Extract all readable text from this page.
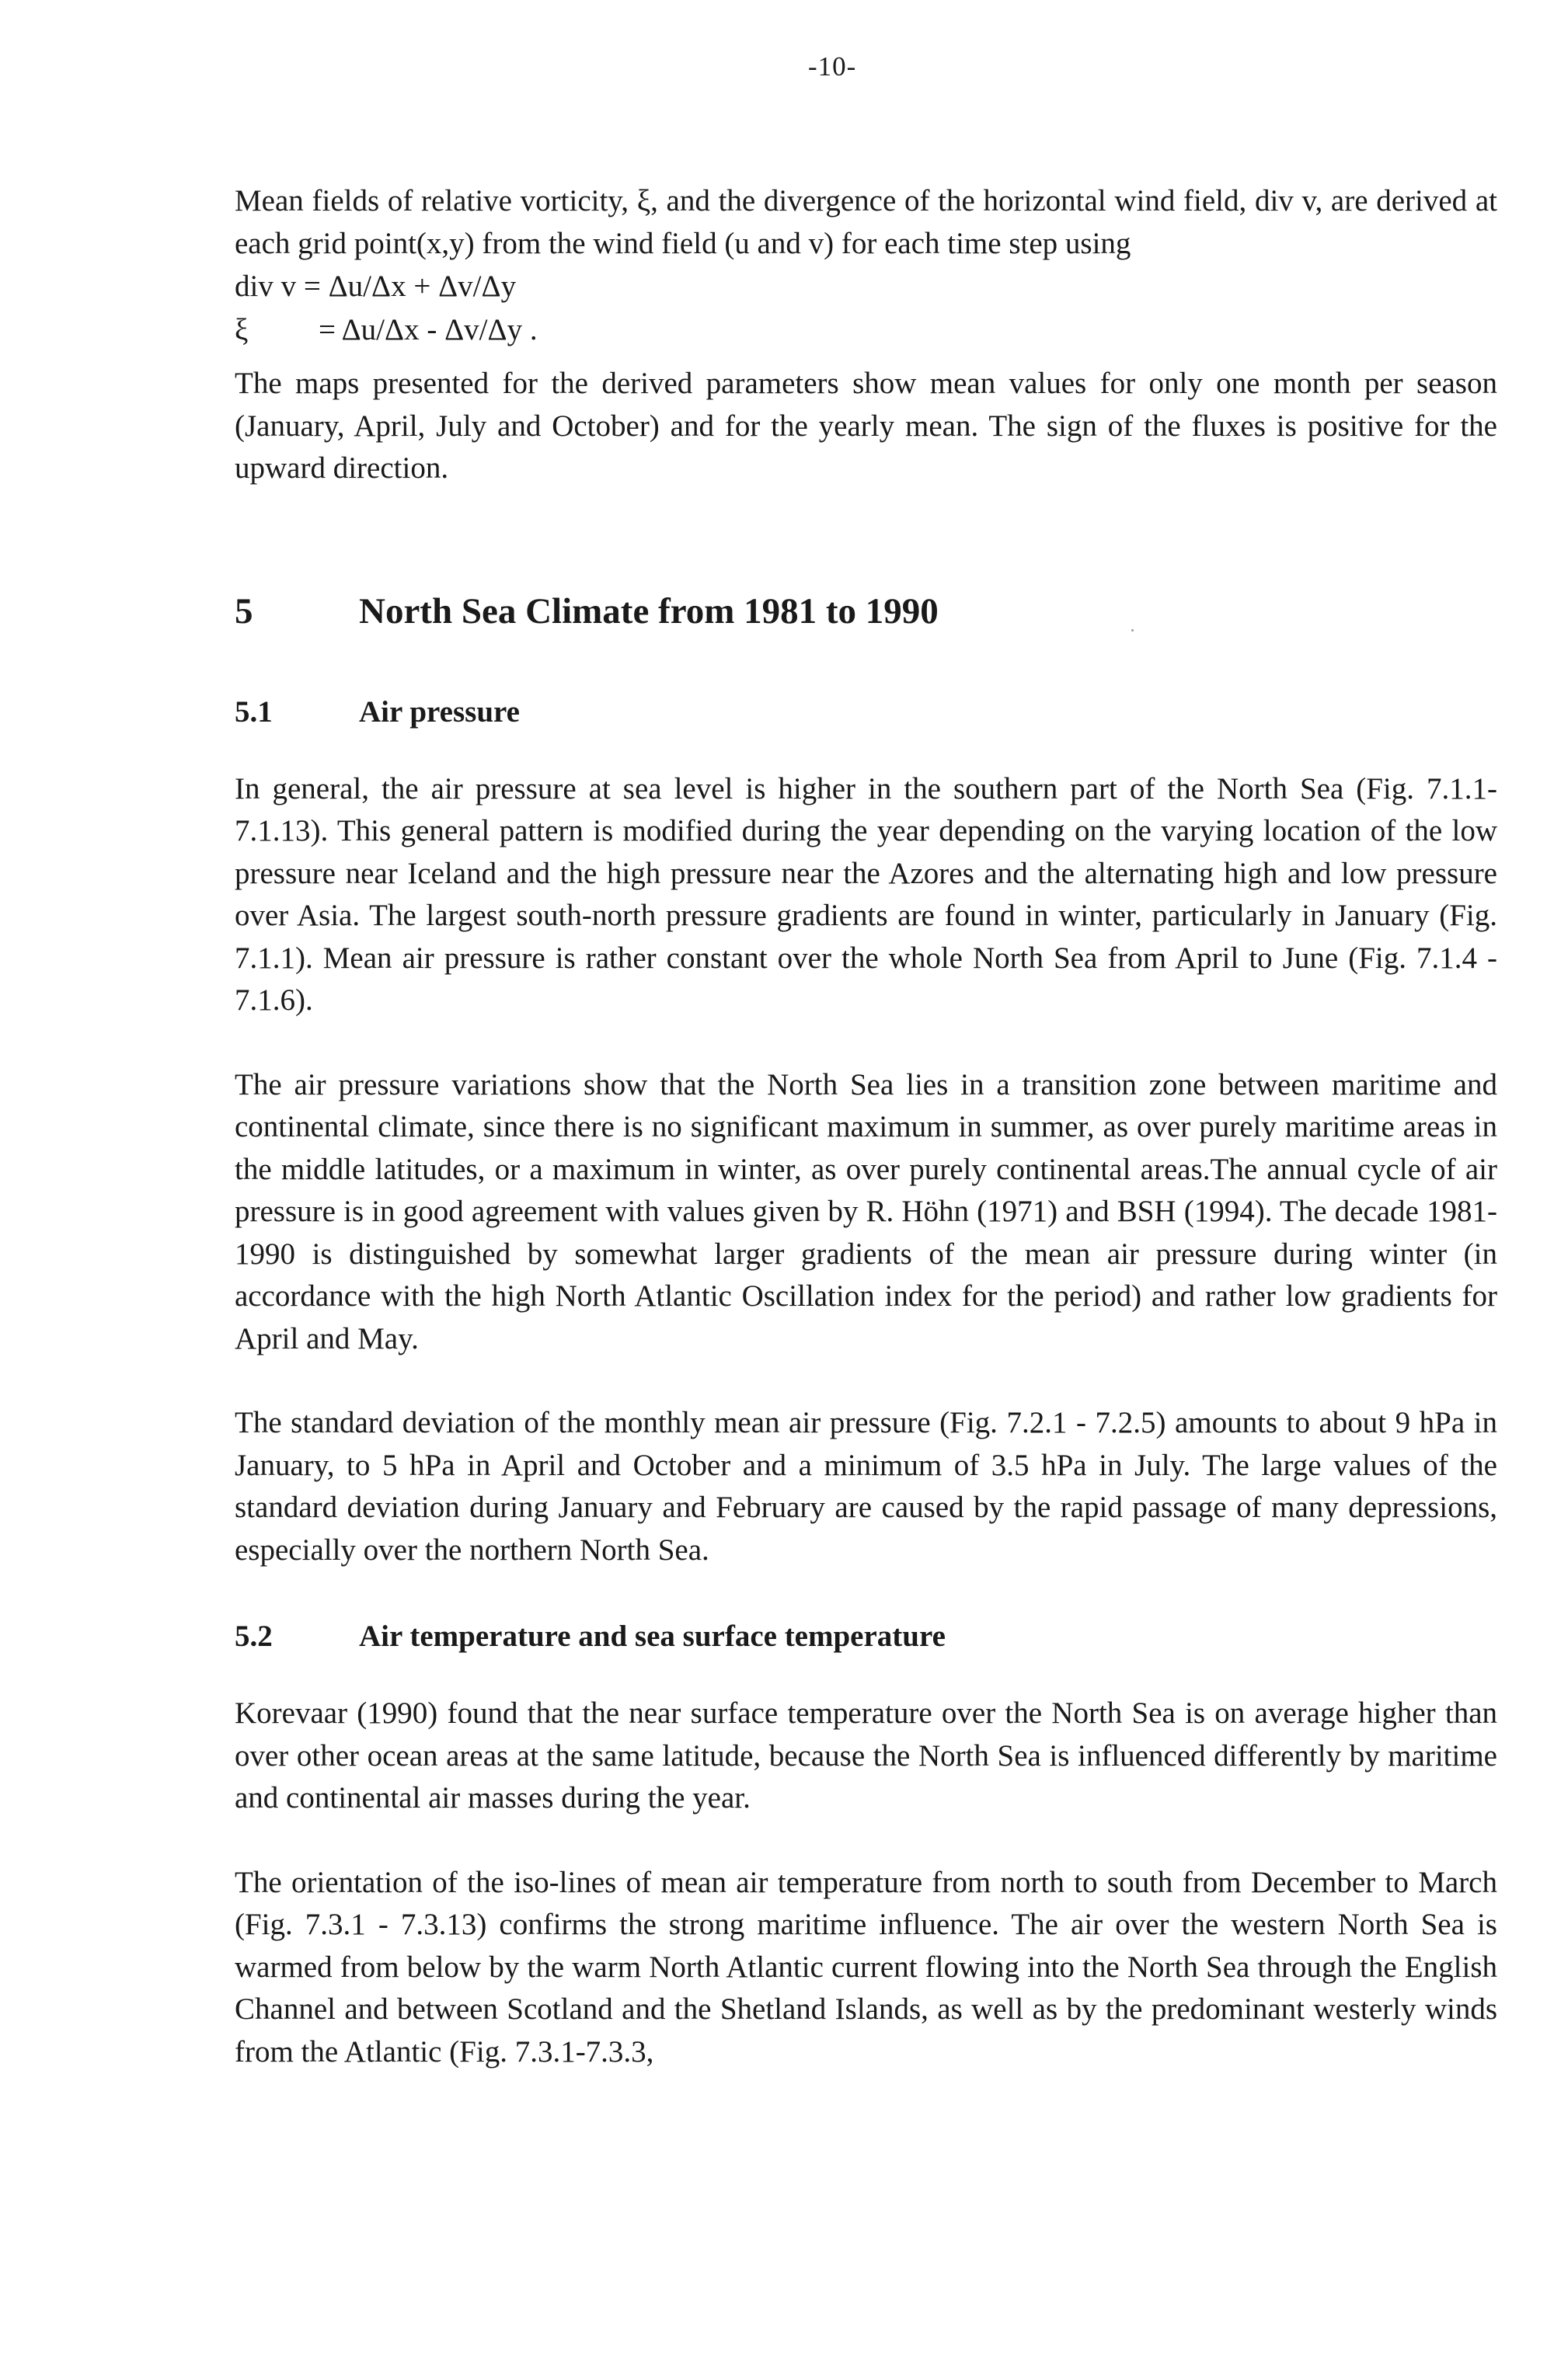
-10-

Mean fields of relative vorticity, ξ, and the divergence of the horizontal wind field, div v, are derived at each grid point(x,y) from the wind field (u and v) for each time step using

div v = Δu/Δx + Δv/Δy
ξ = Δu/Δx - Δv/Δy .

The maps presented for the derived parameters show mean values for only one month per season (January, April, July and October) and for the yearly mean. The sign of the fluxes is positive for the upward direction.

5	North Sea Climate from 1981 to 1990
5.1	Air pressure

In general, the air pressure at sea level is higher in the southern part of the North Sea (Fig. 7.1.1-7.1.13). This general pattern is modified during the year depending on the varying location of the low pressure near Iceland and the high pressure near the Azores and the alternating high and low pressure over Asia. The largest south-north pressure gradients are found in winter, particularly in January (Fig. 7.1.1). Mean air pressure is rather constant over the whole North Sea from April to June (Fig. 7.1.4 - 7.1.6).

The air pressure variations show that the North Sea lies in a transition zone between maritime and continental climate, since there is no significant maximum in summer, as over purely maritime areas in the middle latitudes, or a maximum in winter, as over purely continental areas.The annual cycle of air pressure is in good agreement with values given by R. Höhn (1971) and BSH (1994). The decade 1981-1990 is distinguished by somewhat larger gradients of the mean air pressure during winter (in accordance with the high North Atlantic Oscillation index for the period) and rather low gradients for April and May.

The standard deviation of the monthly mean air pressure (Fig. 7.2.1 - 7.2.5) amounts to about 9 hPa in January, to 5 hPa in April and October and a minimum of 3.5 hPa in July. The large values of the standard deviation during January and February are caused by the rapid passage of many depressions, especially over the northern North Sea.

5.2	Air temperature and sea surface temperature

Korevaar (1990) found that the near surface temperature over the North Sea is on average higher than over other ocean areas at the same latitude, because the North Sea is influenced differently by maritime and continental air masses during the year.

The orientation of the iso-lines of mean air temperature from north to south from December to March (Fig. 7.3.1 - 7.3.13) confirms the strong maritime influence. The air over the western North Sea is warmed from below by the warm North Atlantic current flowing into the North Sea through the English Channel and between Scotland and the Shetland Islands, as well as by the predominant westerly winds from the Atlantic (Fig. 7.3.1-7.3.3,
